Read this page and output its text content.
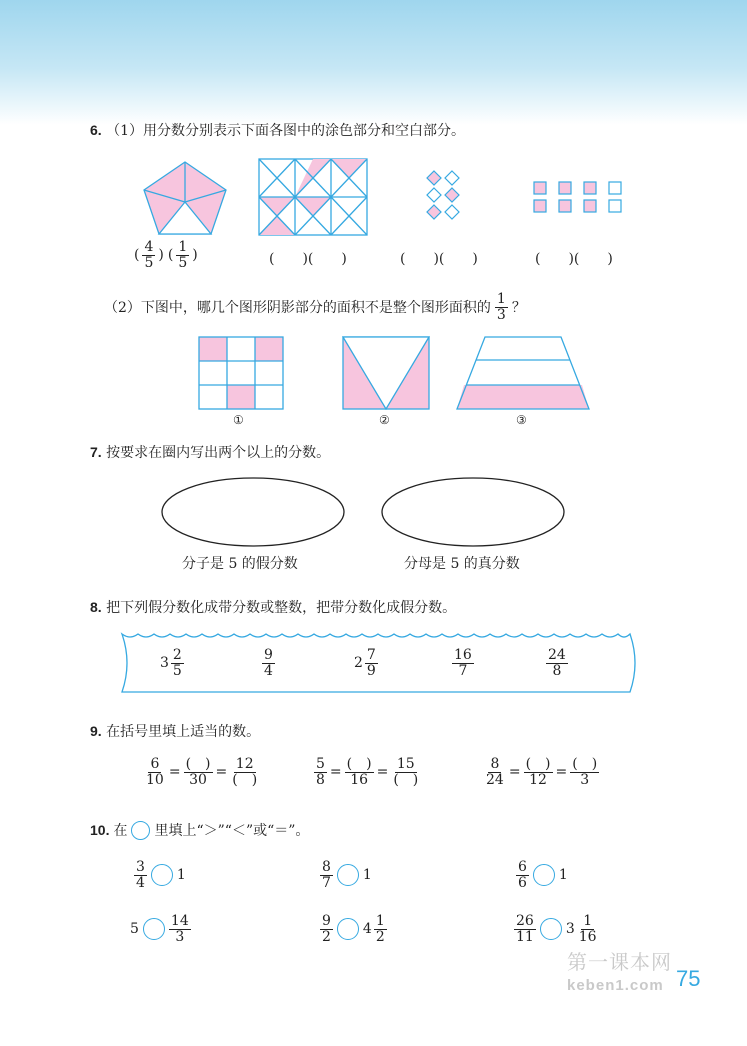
6. （1）用分数分别表示下面各图中的涂色部分和空白部分。
( $\frac{4}{5}$ ) ( $\frac{1}{5}$ )	(　　)(　　)	(　　)(　　)	(　　)(　　)
（2）下图中，哪几个图形阴影部分的面积不是整个图形面积的 $\frac{1}{3}$ ？
①	②	③
7. 按要求在圈内写出两个以上的分数。
分子是 5 的假分数	分母是 5 的真分数
8. 把下列假分数化成带分数或整数，把带分数化成假分数。
$3 \frac{2}{5}$	$\frac{9}{4}$	$2 \frac{7}{9}$	$\frac{16}{7}$	$\frac{24}{8}$
9. 在括号里填上适当的数。
$\frac{6}{10} = \frac{( )}{30} = \frac{12}{( )}$	$\frac{5}{8} = \frac{( )}{16} = \frac{15}{( )}$	$\frac{8}{24} = \frac{( )}{12} = \frac{( )}{3}$
10. 在 里填上“＞”“＜”或“＝”。
$\frac{3}{4} 1$	$\frac{8}{7} 1$	$\frac{6}{6} 1$
$5 \frac{14}{3}$	$\frac{9}{2} 4 \frac{1}{2}$	$\frac{26}{11} 3 \frac{1}{16}$
第一课本网
keben1.com 75
